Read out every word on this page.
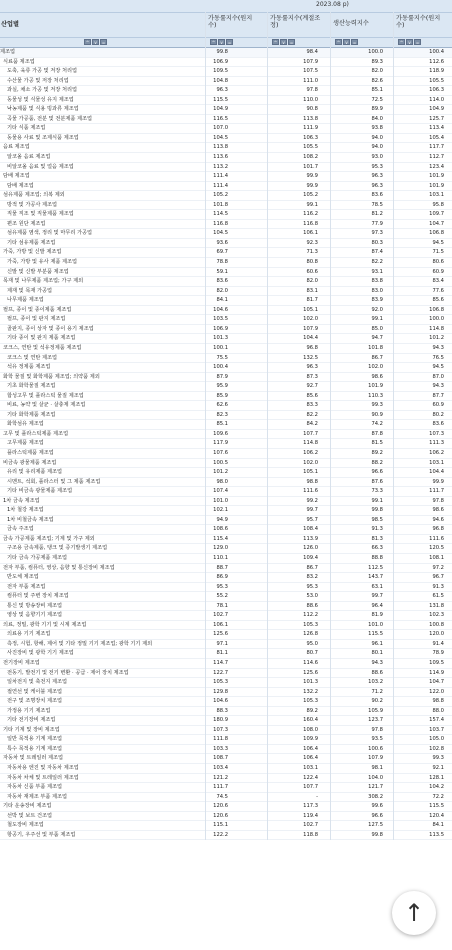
2023.08 p)
산업별
가동률지수(원지수)
가동률지수(계절조정)	생산능력지수
가동률지수(원지수)
^	v	=	^	v	=	^	v	=	^	v	=	^	v	=
제조업	99.8	98.4	100.0	100.4
식료품 제조업	106.9	107.9	89.3	112.6
도축, 육류 가공 및 저장 처리업	109.5	107.5	82.0	118.9
수산물 가공 및 저장 처리업	104.8	111.0	82.6	105.5
과실, 채소 가공 및 저장 처리업	96.3	97.8	85.1	106.3
동물성 및 식물성 유지 제조업	115.5	110.0	72.5	114.0
낙농제품 및 식용 빙과류 제조업	104.9	90.8	89.9	104.9
곡물 가공품, 전분 및 전분제품 제조업	116.5	113.8	84.0	125.7
기타 식품 제조업	107.0	111.9	93.8	113.4
동물용 사료 및 조제식품 제조업	104.5	106.3	94.0	105.4
음료 제조업	113.8	105.5	94.0	117.7
알코올 음료 제조업	113.6	108.2	93.0	112.7
비알코올 음료 및 얼음 제조업	113.2	101.7	95.3	123.4
담배 제조업	111.4	99.9	96.3	101.9
담배 제조업	111.4	99.9	96.3	101.9
섬유제품 제조업; 의복 제외	105.2	105.2	83.6	103.1
방적 및 가공사 제조업	101.8	99.1	78.5	95.8
직물 직조 및 직물제품 제조업	114.5	116.2	81.2	109.7
편조 원단 제조업	116.8	116.8	77.9	104.7
섬유제품 염색, 정리 및 마무리 가공업	104.5	106.1	97.3	106.8
기타 섬유제품 제조업	93.6	92.3	80.3	94.5
가죽, 가방 및 신발 제조업	69.7	71.3	87.4	71.5
가죽, 가방 및 유사 제품 제조업	78.8	80.8	82.2	80.6
신발 및 신발 부분품 제조업	59.1	60.6	93.1	60.9
목재 및 나무제품 제조업; 가구 제외	83.6	82.0	83.8	83.4
제재 및 목재 가공업	82.0	83.1	83.0	77.6
나무제품 제조업	84.1	81.7	83.9	85.6
펄프, 종이 및 종이제품 제조업	104.6	105.1	92.0	106.8
펄프, 종이 및 판지 제조업	103.5	102.0	99.1	100.0
골판지, 종이 상자 및 종이 용기 제조업	106.9	107.9	85.0	114.8
기타 종이 및 판지 제품 제조업	101.3	104.4	94.7	101.2
코크스, 연탄 및 석유정제품 제조업	100.1	96.8	101.8	94.3
코크스 및 연탄 제조업	75.5	132.5	86.7	76.5
석유 정제품 제조업	100.4	96.3	102.0	94.5
화학 물질 및 화학제품 제조업; 의약품 제외	87.9	87.3	98.6	87.0
기초 화학물질 제조업	95.9	92.7	101.9	94.3
합성고무 및 플라스틱 물질 제조업	85.9	85.6	110.3	87.7
비료, 농약 및 살균 · 살충제 제조업	62.6	83.3	99.3	60.9
기타 화학제품 제조업	82.3	82.2	90.9	80.2
화학섬유 제조업	85.1	84.2	74.2	83.6
고무 및 플라스틱제품 제조업	109.6	107.7	87.8	107.3
고무제품 제조업	117.9	114.8	81.5	111.3
플라스틱제품 제조업	107.6	106.2	89.2	106.2
비금속 광물제품 제조업	100.5	102.0	88.2	103.1
유리 및 유리제품 제조업	101.2	105.1	96.6	104.4
시멘트, 석회, 플라스터 및 그 제품 제조업	98.0	98.8	87.6	99.9
기타 비금속 광물제품 제조업	107.4	111.6	73.3	111.7
1차 금속 제조업	101.0	99.2	99.1	97.8
1차 철강 제조업	102.1	99.7	99.8	98.6
1차 비철금속 제조업	94.9	95.7	98.5	94.6
금속 주조업	108.6	108.4	91.3	96.8
금속 가공제품 제조업; 기계 및 가구 제외	115.4	113.9	81.3	111.6
구조용 금속제품, 탱크 및 증기발생기 제조업	129.0	126.0	66.3	120.5
기타 금속 가공제품 제조업	110.1	109.4	88.8	108.1
전자 부품, 컴퓨터, 영상, 음향 및 통신장비 제조업	88.7	86.7	112.5	97.2
반도체 제조업	86.9	83.2	143.7	96.7
전자 부품 제조업	95.3	95.3	63.1	91.3
컴퓨터 및 주변 장치 제조업	55.2	53.0	99.7	61.5
통신 및 방송장비 제조업	78.1	88.6	96.4	131.8
영상 및 음향기기 제조업	102.7	112.2	81.9	102.3
의료, 정밀, 광학 기기 및 시계 제조업	106.1	105.3	101.0	100.8
의료용 기기 제조업	125.6	126.8	115.5	120.0
측정, 시험, 항해, 제어 및 기타 정밀 기기 제조업; 광학 기기 제외	97.1	95.0	96.1	91.4
사진장비 및 광학 기기 제조업	81.1	80.7	80.1	78.9
전기장비 제조업	114.7	114.6	94.3	109.5
전동기, 발전기 및 전기 변환 · 공급 · 제어 장치 제조업	122.7	125.6	88.6	114.9
일차전지 및 축전지 제조업	105.3	101.3	103.2	104.7
절연선 및 케이블 제조업	129.8	132.2	71.2	122.0
전구 및 조명장치 제조업	104.6	105.3	90.2	98.8
가정용 기기 제조업	88.3	89.2	105.9	88.0
기타 전기장비 제조업	180.9	160.4	123.7	157.4
기타 기계 및 장비 제조업	107.3	108.0	97.8	103.7
일반 목적용 기계 제조업	111.8	109.9	93.5	105.0
특수 목적용 기계 제조업	103.3	106.4	100.6	102.8
자동차 및 트레일러 제조업	108.7	106.4	107.9	99.3
자동차용 엔진 및 자동차 제조업	103.4	103.1	98.1	92.1
자동차 차체 및 트레일러 제조업	121.2	122.4	104.0	128.1
자동차 신품 부품 제조업	111.7	107.7	121.7	104.2
자동차 재제조 부품 제조업	74.5	-	308.2	72.2
기타 운송장비 제조업	120.6	117.3	99.6	115.5
선박 및 보트 건조업	120.6	119.4	96.6	120.4
철도장비 제조업	115.1	102.7	127.5	84.1
항공기, 우주선 및 부품 제조업	122.2	118.8	99.8	113.5
↑
